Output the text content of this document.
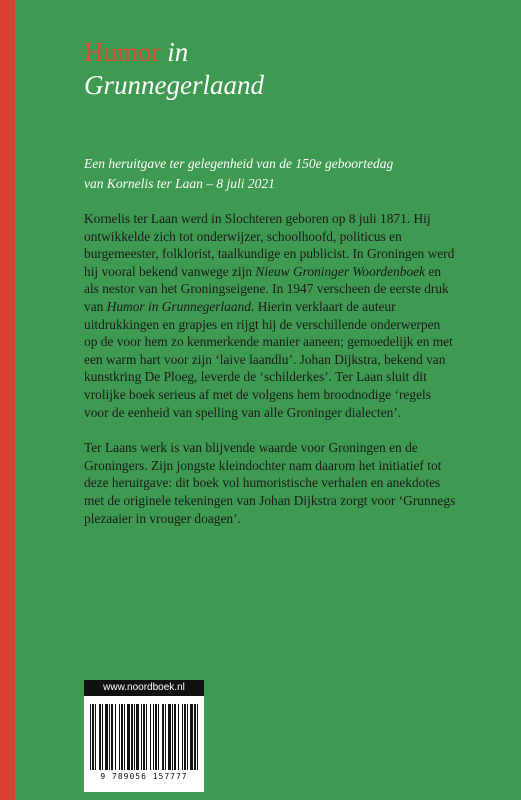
Humor in
Grunnegerlaand
Een heruitgave ter gelegenheid van de 150e geboortedag
van Kornelis ter Laan – 8 juli 2021

Kornelis ter Laan werd in Slochteren geboren op 8 juli 1871. Hij ontwikkelde zich tot onderwijzer, schoolhoofd, politicus en burgemeester, folklorist, taalkundige en publicist. In Groningen werd hij vooral bekend vanwege zijn Nieuw Groninger Woordenboek en als nestor van het Groningseigene. In 1947 verscheen de eerste druk van Humor in Grunnegerlaand. Hierin verklaart de auteur uitdrukkingen en grapjes en rijgt hij de verschillende onderwerpen op de voor hem zo kenmerkende manier aaneen; gemoedelijk en met een warm hart voor zijn ‘laive laandlu’. Johan Dijkstra, bekend van kunstkring De Ploeg, leverde de ‘schilderkes’. Ter Laan sluit dit vrolijke boek serieus af met de volgens hem broodnodige ‘regels voor de eenheid van spelling van alle Groninger dialecten’.

Ter Laans werk is van blijvende waarde voor Groningen en de Groningers. Zijn jongste kleindochter nam daarom het initiatief tot deze heruitgave: dit boek vol humoristische verhalen en anekdotes met de originele tekeningen van Johan Dijkstra zorgt voor ‘Grunnegs plezaaier in vrouger doagen’.

www.noordboek.nl
9 789056 157777
